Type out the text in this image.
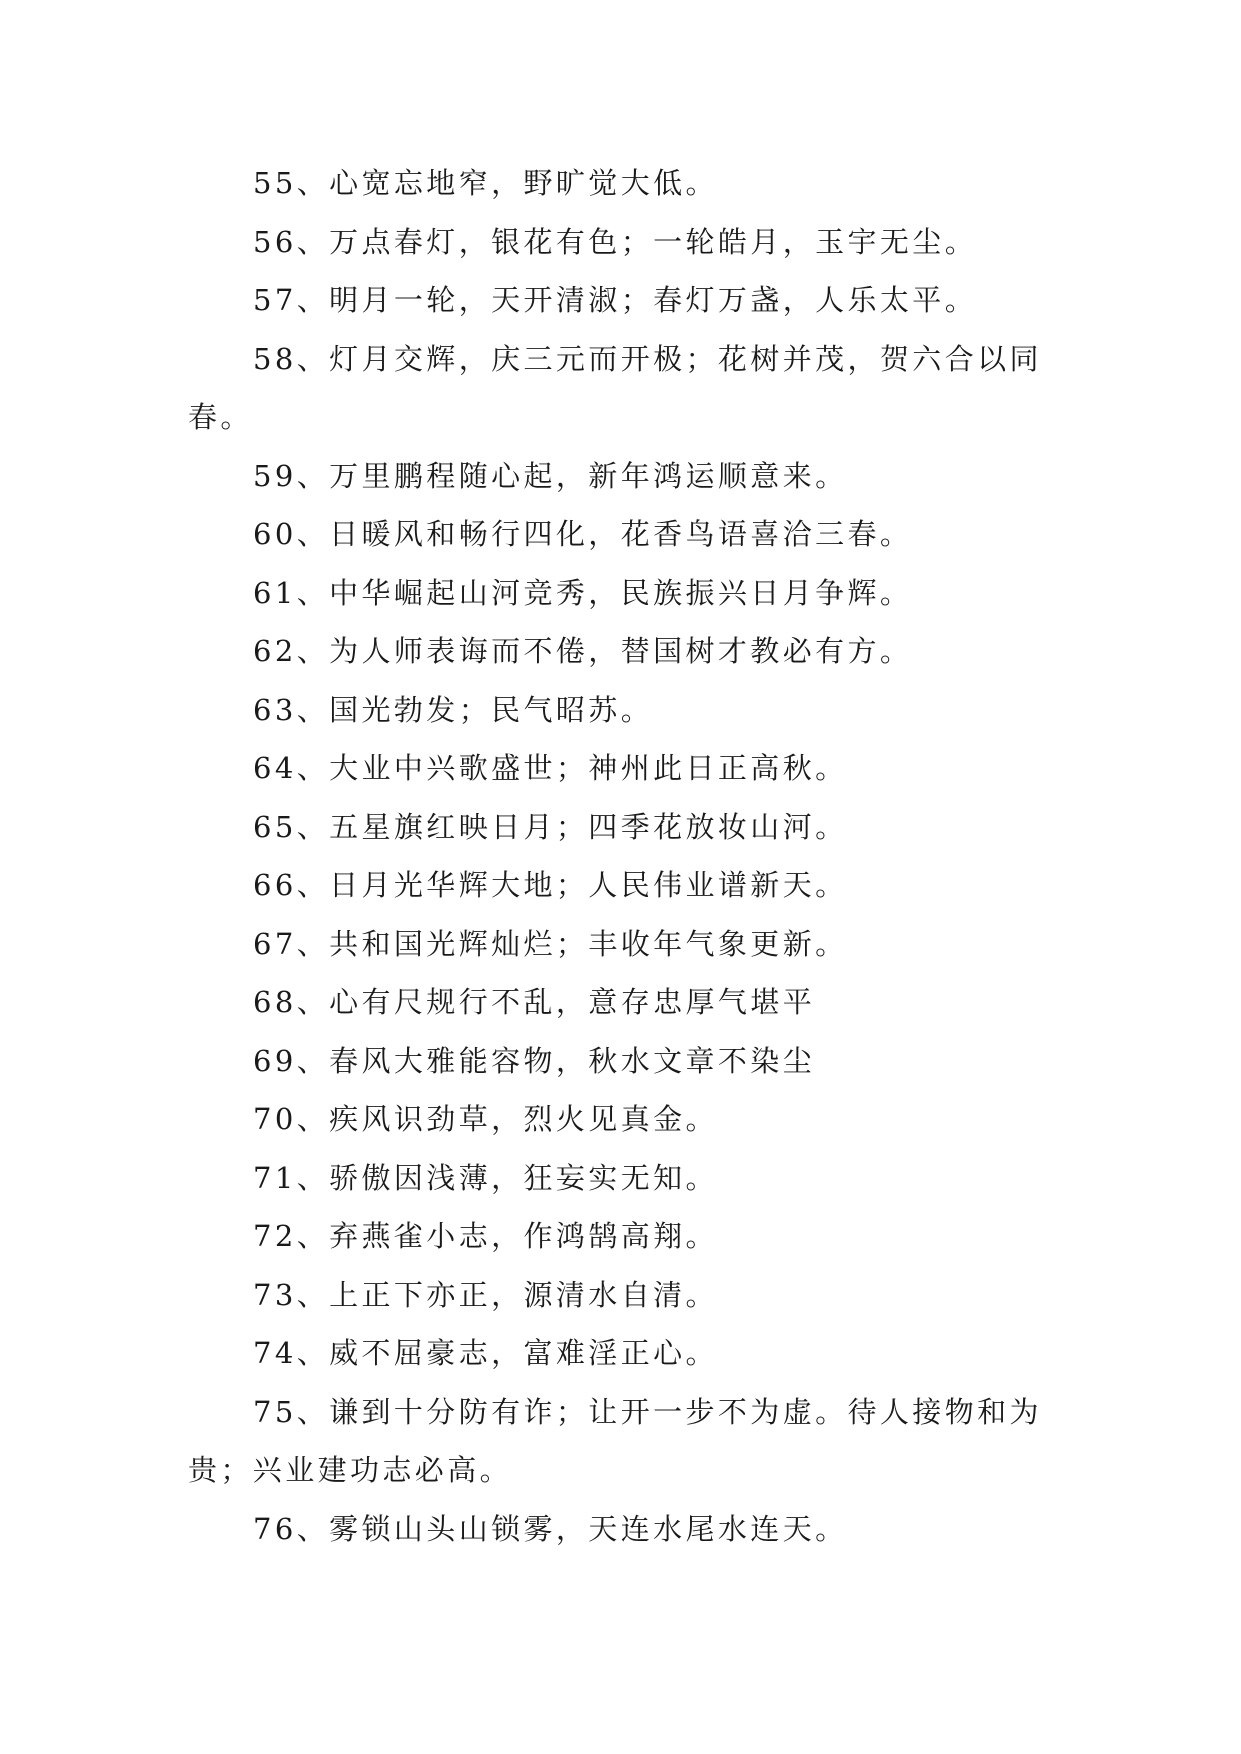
55、心宽忘地窄，野旷觉大低。
56、万点春灯，银花有色；一轮皓月，玉宇无尘。
57、明月一轮，天开清淑；春灯万盏，人乐太平。
58、灯月交辉，庆三元而开极；花树并茂，贺六合以同
春。
59、万里鹏程随心起，新年鸿运顺意来。
60、日暖风和畅行四化，花香鸟语喜洽三春。
61、中华崛起山河竞秀，民族振兴日月争辉。
62、为人师表诲而不倦，替国树才教必有方。
63、国光勃发；民气昭苏。
64、大业中兴歌盛世；神州此日正高秋。
65、五星旗红映日月；四季花放妆山河。
66、日月光华辉大地；人民伟业谱新天。
67、共和国光辉灿烂；丰收年气象更新。
68、心有尺规行不乱，意存忠厚气堪平
69、春风大雅能容物，秋水文章不染尘
70、疾风识劲草，烈火见真金。
71、骄傲因浅薄，狂妄实无知。
72、弃燕雀小志，作鸿鹄高翔。
73、上正下亦正，源清水自清。
74、威不屈豪志，富难淫正心。
75、谦到十分防有诈；让开一步不为虚。待人接物和为
贵；兴业建功志必高。
76、雾锁山头山锁雾，天连水尾水连天。
